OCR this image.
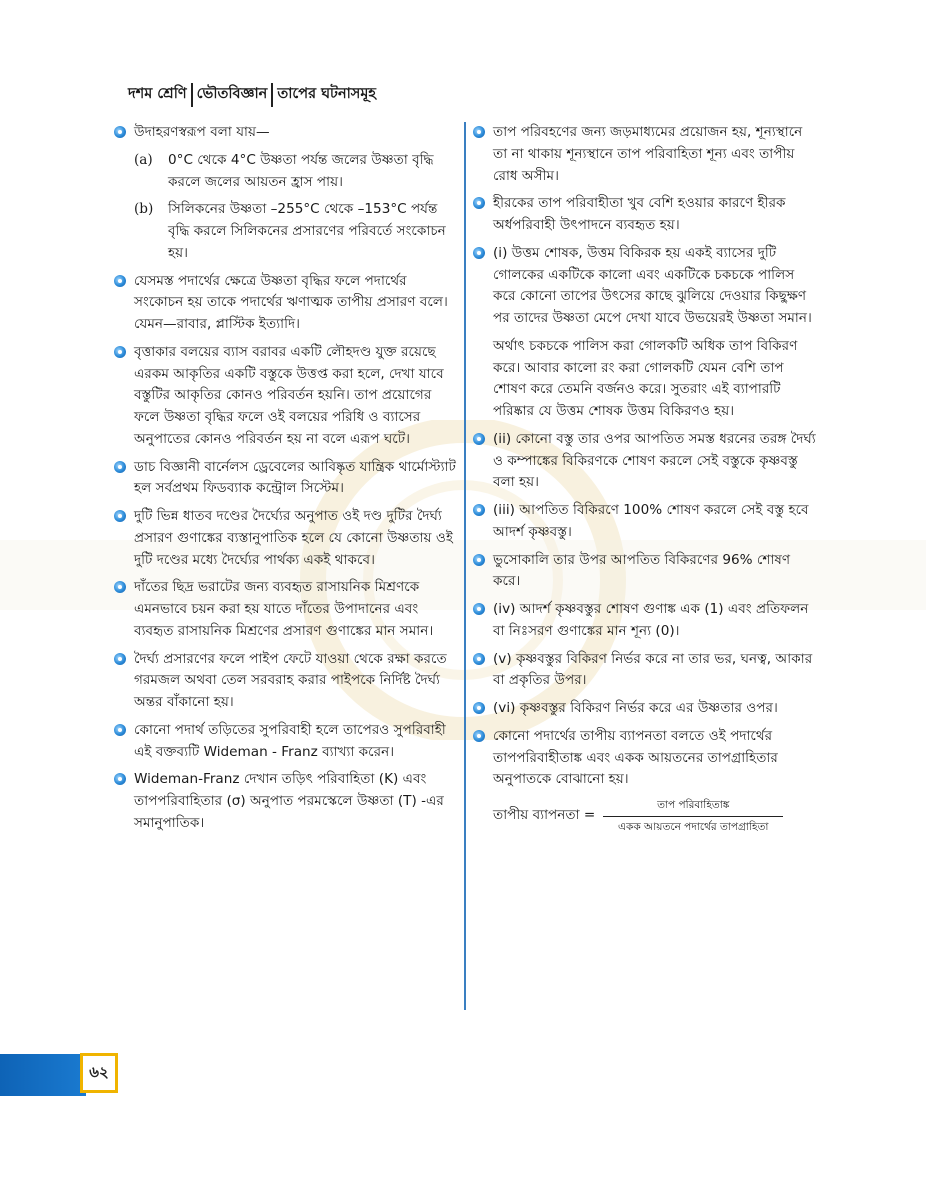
দশম শ্রেণি ভৌতবিজ্ঞান তাপের ঘটনাসমূহ
উদাহরণস্বরূপ বলা যায়—
(a)	0°C থেকে 4°C উষ্ণতা পর্যন্ত জলের উষ্ণতা বৃদ্ধি করলে জলের আয়তন হ্রাস পায়।
(b)	সিলিকনের উষ্ণতা –255°C থেকে –153°C পর্যন্ত বৃদ্ধি করলে সিলিকনের প্রসারণের পরিবর্তে সংকোচন হয়।
যেসমস্ত পদার্থের ক্ষেত্রে উষ্ণতা বৃদ্ধির ফলে পদার্থের সংকোচন হয় তাকে পদার্থের ঋণাত্মক তাপীয় প্রসারণ বলে। যেমন—রাবার, প্লাস্টিক ইত্যাদি।
বৃত্তাকার বলয়ের ব্যাস বরাবর একটি লৌহদণ্ড যুক্ত রয়েছে এরকম আকৃতির একটি বস্তুকে উত্তপ্ত করা হলে, দেখা যাবে বস্তুটির আকৃতির কোনও পরিবর্তন হয়নি। তাপ প্রয়োগের ফলে উষ্ণতা বৃদ্ধির ফলে ওই বলয়ের পরিধি ও ব্যাসের অনুপাতের কোনও পরিবর্তন হয় না বলে এরূপ ঘটে।
ডাচ বিজ্ঞানী বার্নেলস ড্রেবেলের আবিষ্কৃত যান্ত্রিক থার্মোস্ট্যাট হল সর্বপ্রথম ফিডব্যাক কন্ট্রোল সিস্টেম।
দুটি ভিন্ন ধাতব দণ্ডের দৈর্ঘ্যের অনুপাত ওই দণ্ড দুটির দৈর্ঘ্য প্রসারণ গুণাঙ্কের ব্যস্তানুপাতিক হলে যে কোনো উষ্ণতায় ওই দুটি দণ্ডের মধ্যে দৈর্ঘ্যের পার্থক্য একই থাকবে।
দাঁতের ছিদ্র ভরাটের জন্য ব্যবহৃত রাসায়নিক মিশ্রণকে এমনভাবে চয়ন করা হয় যাতে দাঁতের উপাদানের এবং ব্যবহৃত রাসায়নিক মিশ্রণের প্রসারণ গুণাঙ্কের মান সমান।
দৈর্ঘ্য প্রসারণের ফলে পাইপ ফেটে যাওয়া থেকে রক্ষা করতে গরমজল অথবা তেল সরবরাহ করার পাইপকে নির্দিষ্ট দৈর্ঘ্য অন্তর বাঁকানো হয়।
কোনো পদার্থ তড়িতের সুপরিবাহী হলে তাপেরও সুপরিবাহী এই বক্তব্যটি Wideman - Franz ব্যাখ্যা করেন।
Wideman-Franz দেখান তড়িৎ পরিবাহিতা (K) এবং তাপপরিবাহিতার (σ) অনুপাত পরমস্কেলে উষ্ণতা (T) -এর সমানুপাতিক।
তাপ পরিবহণের জন্য জড়মাধ্যমের প্রয়োজন হয়, শূন্যস্থানে তা না থাকায় শূন্যস্থানে তাপ পরিবাহিতা শূন্য এবং তাপীয় রোধ অসীম।
হীরকের তাপ পরিবাহীতা খুব বেশি হওয়ার কারণে হীরক অর্ধপরিবাহী উৎপাদনে ব্যবহৃত হয়।
(i) উত্তম শোষক, উত্তম বিকিরক হয় একই ব্যাসের দুটি গোলকের একটিকে কালো এবং একটিকে চকচকে পালিস করে কোনো তাপের উৎসের কাছে ঝুলিয়ে দেওয়ার কিছুক্ষণ পর তাদের উষ্ণতা মেপে দেখা যাবে উভয়েরই উষ্ণতা সমান।
অর্থাৎ চকচকে পালিস করা গোলকটি অধিক তাপ বিকিরণ করে। আবার কালো রং করা গোলকটি যেমন বেশি তাপ শোষণ করে তেমনি বর্জনও করে। সুতরাং এই ব্যাপারটি পরিষ্কার যে উত্তম শোষক উত্তম বিকিরণও হয়।
(ii) কোনো বস্তু তার ওপর আপতিত সমস্ত ধরনের তরঙ্গ দৈর্ঘ্য ও কম্পাঙ্কের বিকিরণকে শোষণ করলে সেই বস্তুকে কৃষ্ণবস্তু বলা হয়।
(iii) আপতিত বিকিরণে 100% শোষণ করলে সেই বস্তু হবে আদর্শ কৃষ্ণবস্তু।
ভুসোকালি তার উপর আপতিত বিকিরণের 96% শোষণ করে।
(iv) আদর্শ কৃষ্ণবস্তুর শোষণ গুণাঙ্ক এক (1) এবং প্রতিফলন বা নিঃসরণ গুণাঙ্কের মান শূন্য (0)।
(v) কৃষ্ণবস্তুর বিকিরণ নির্ভর করে না তার ভর, ঘনত্ব, আকার বা প্রকৃতির উপর।
(vi) কৃষ্ণবস্তুর বিকিরণ নির্ভর করে এর উষ্ণতার ওপর।
কোনো পদার্থের তাপীয় ব্যাপনতা বলতে ওই পদার্থের তাপপরিবাহীতাঙ্ক এবং একক আয়তনের তাপগ্রাহিতার অনুপাতকে বোঝানো হয়।
তাপীয় ব্যাপনতা = $\frac{\text{তাপ পরিবাহিতাঙ্ক}}{\text{একক আয়তনে পদার্থের তাপগ্রাহিতা}}$
৬২
